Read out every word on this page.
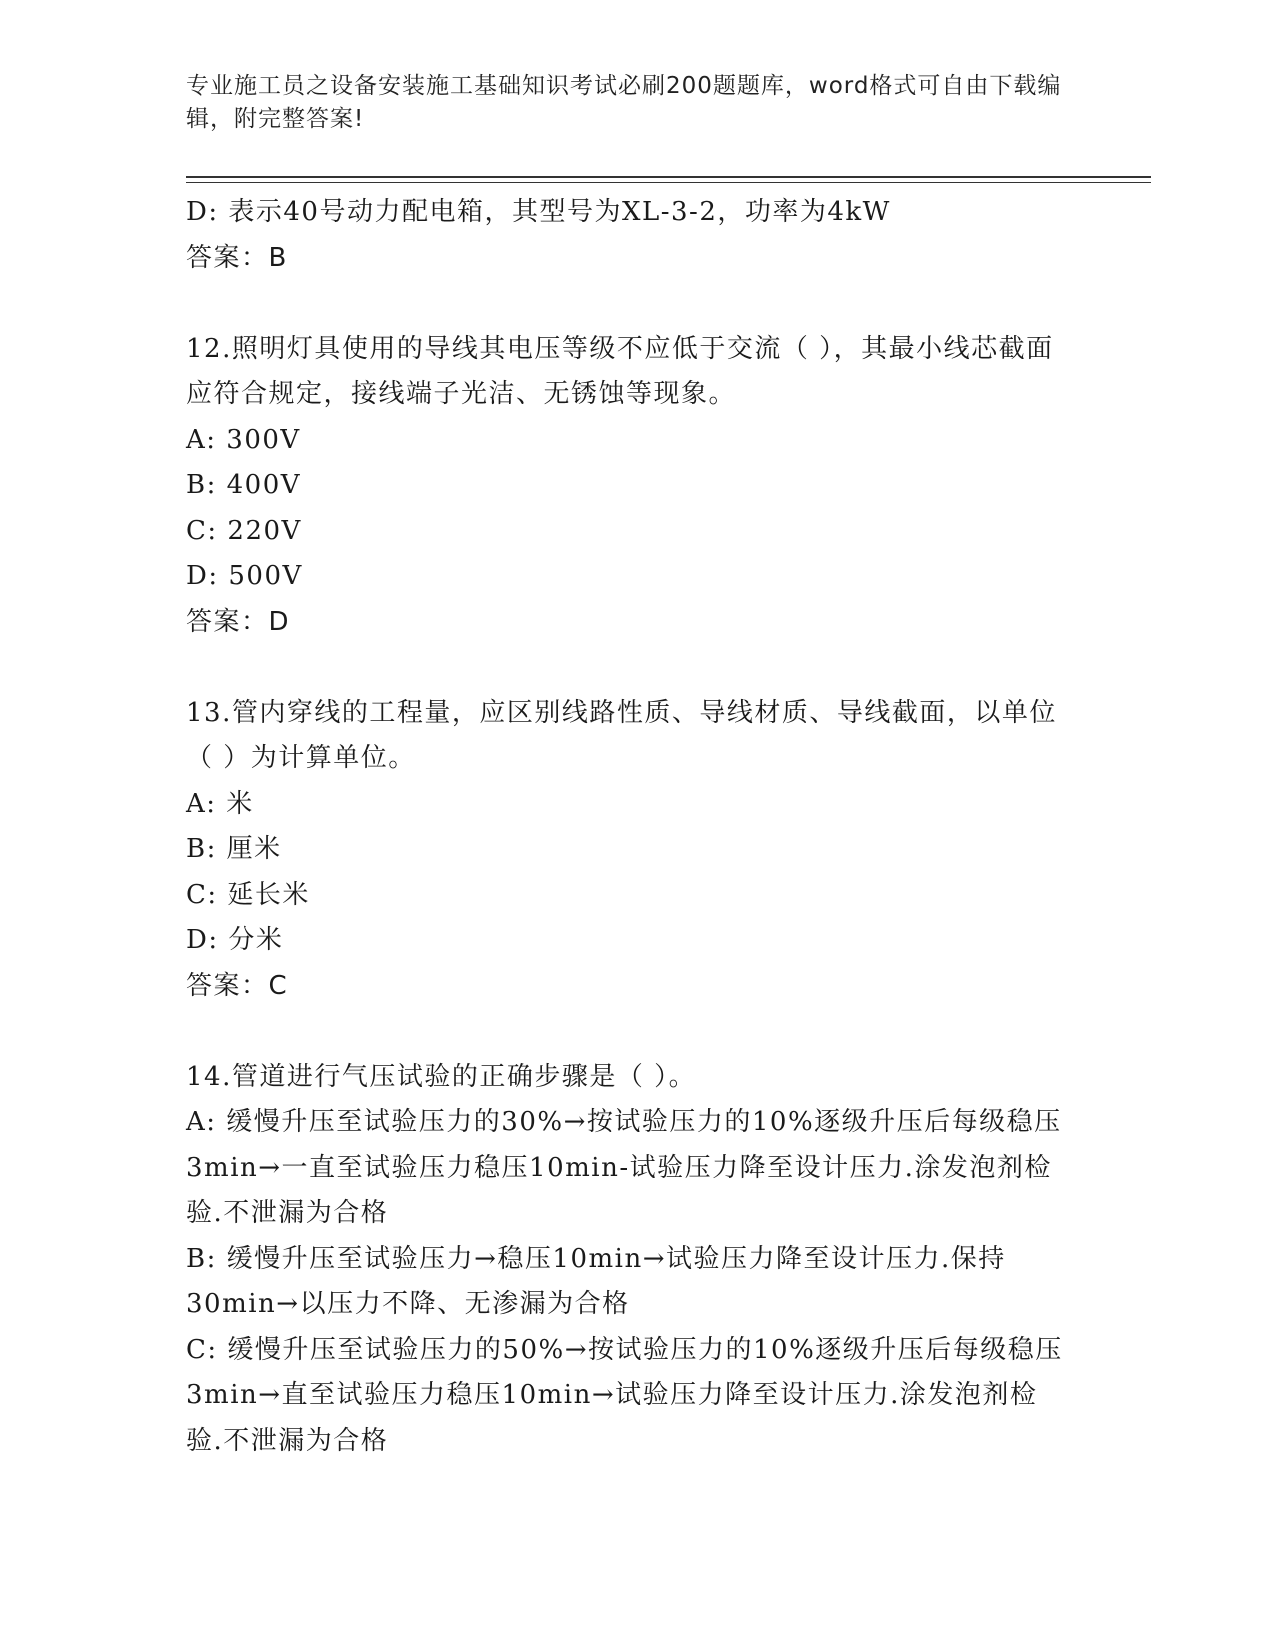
专业施工员之设备安装施工基础知识考试必刷200题题库，word格式可自由下载编辑，附完整答案!
D: 表示40号动力配电箱，其型号为XL-3-2，功率为4kW
答案：B
12.照明灯具使用的导线其电压等级不应低于交流（ ），其最小线芯截面应符合规定，接线端子光洁、无锈蚀等现象。
A: 300V
B: 400V
C: 220V
D: 500V
答案：D
13.管内穿线的工程量，应区别线路性质、导线材质、导线截面，以单位（ ）为计算单位。
A: 米
B: 厘米
C: 延长米
D: 分米
答案：C
14.管道进行气压试验的正确步骤是（ ）。
A: 缓慢升压至试验压力的30%→按试验压力的10%逐级升压后每级稳压3min→一直至试验压力稳压10min-试验压力降至设计压力.涂发泡剂检验.不泄漏为合格
B: 缓慢升压至试验压力→稳压10min→试验压力降至设计压力.保持30min→以压力不降、无渗漏为合格
C: 缓慢升压至试验压力的50%→按试验压力的10%逐级升压后每级稳压3min→直至试验压力稳压10min→试验压力降至设计压力.涂发泡剂检验.不泄漏为合格
